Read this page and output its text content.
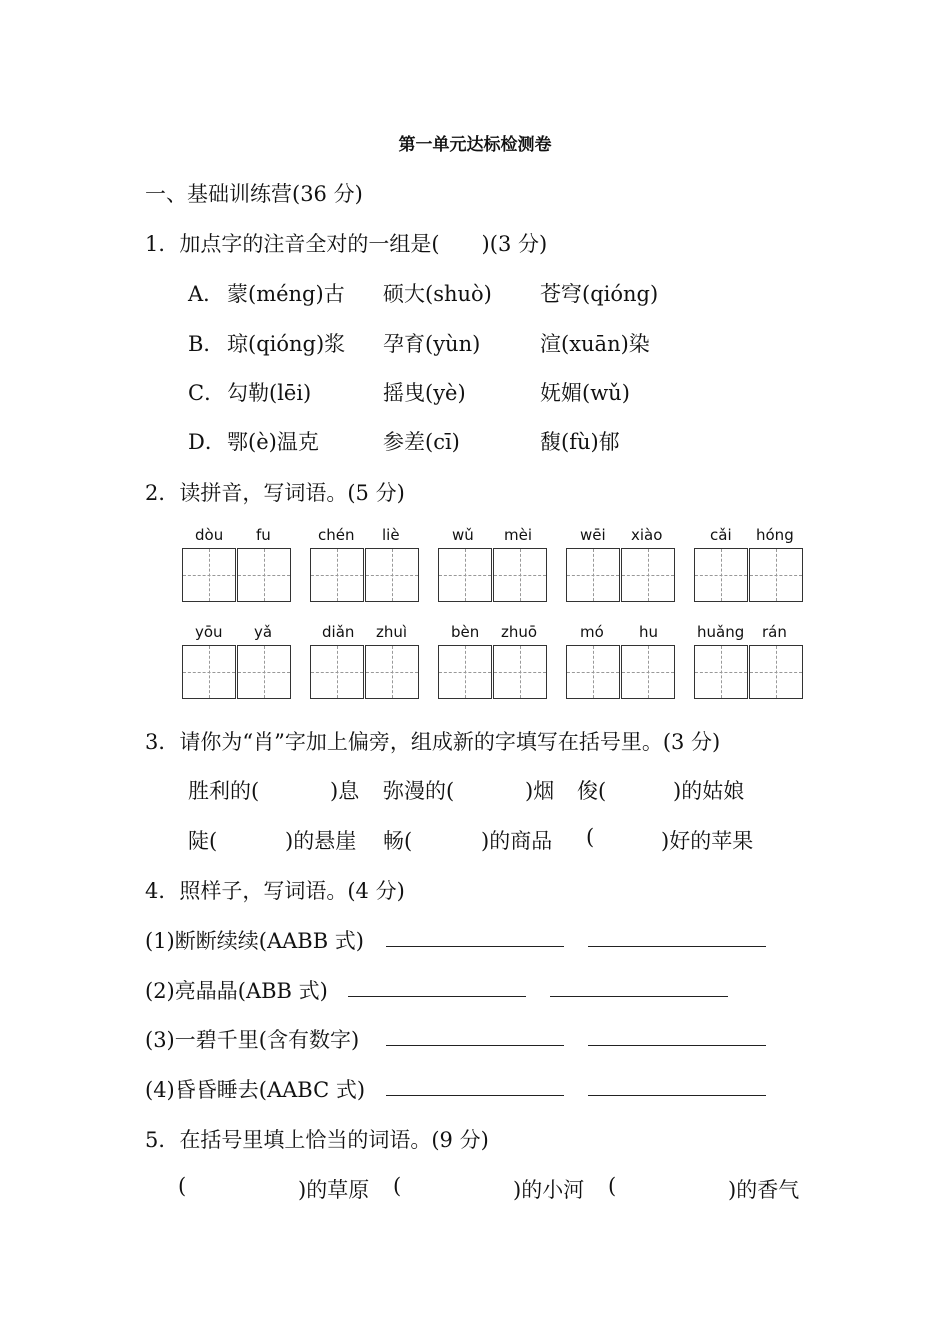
第一单元达标检测卷
一、基础训练营(36 分)
1．加点字的注音全对的一组是(　　)(3 分)
A． 蒙(méng)古 硕大(shuò) 苍穹(qióng)
B． 琼(qióng)浆 孕育(yùn)	渲(xuān)染
C． 勾勒(lēi)	摇曳(yè)	妩媚(wǔ)
D． 鄂(è)温克	参差(cī)	馥(fù)郁
2．读拼音，写词语。(5 分)
dòu fu	chén liè	wǔ mèi	wēi xiào	cǎi hóng
yōu yǎ	diǎn zhuì	bèn zhuō	mó hu	huǎng rán
3．请你为“肖”字加上偏旁，组成新的字填写在括号里。(3 分)
胜利的(	)息 弥漫的(	)烟 俊(	)的姑娘
陡(	)的悬崖 畅(	)的商品 (	)好的苹果
4．照样子，写词语。(4 分)
(1)断断续续(AABB 式)
(2)亮晶晶(ABB 式)
(3)一碧千里(含有数字)
(4)昏昏睡去(AABC 式)
5．在括号里填上恰当的词语。(9 分)
(	)的草原 (	)的小河 (	)的香气
